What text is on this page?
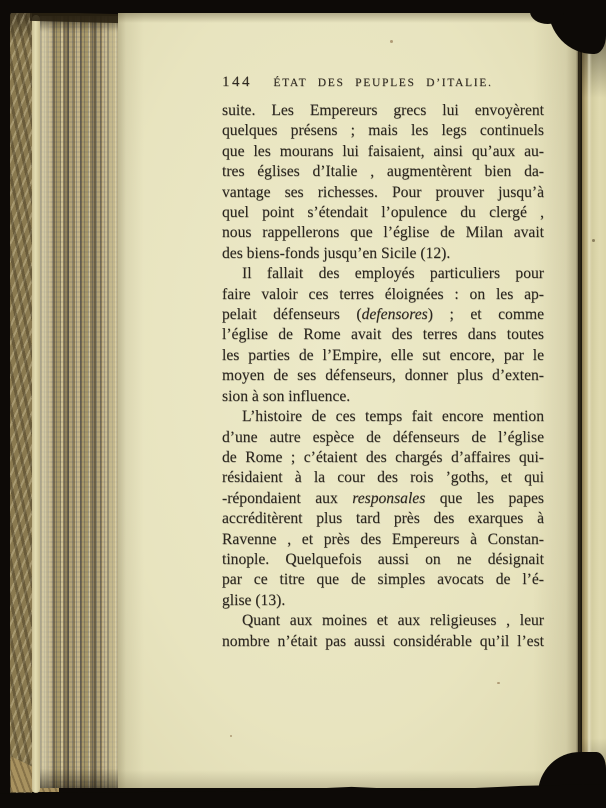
144 ÉTAT DES PEUPLES D’ITALIE.
suite. Les Empereurs grecs lui envoyèrent
quelques présens ; mais les legs continuels
que les mourans lui faisaient, ainsi qu’aux au-
tres églises d’Italie , augmentèrent bien da-
vantage ses richesses. Pour prouver jusqu’à
quel point s’étendait l’opulence du clergé ,
nous rappellerons que l’église de Milan avait
des biens-fonds jusqu’en Sicile (12).
Il fallait des employés particuliers pour
faire valoir ces terres éloignées : on les ap-
pelait défenseurs (defensores) ; et comme
l’église de Rome avait des terres dans toutes
les parties de l’Empire, elle sut encore, par le
moyen de ses défenseurs, donner plus d’exten-
sion à son influence.
L’histoire de ces temps fait encore mention
d’une autre espèce de défenseurs de l’église
de Rome ; c’étaient des chargés d’affaires qui-
résidaient à la cour des rois ’goths, et qui
-répondaient aux responsales que les papes
accréditèrent plus tard près des exarques à
Ravenne , et près des Empereurs à Constan-
tinople. Quelquefois aussi on ne désignait
par ce titre que de simples avocats de l’é-
glise (13).
Quant aux moines et aux religieuses , leur
nombre n’était pas aussi considérable qu’il l’est
